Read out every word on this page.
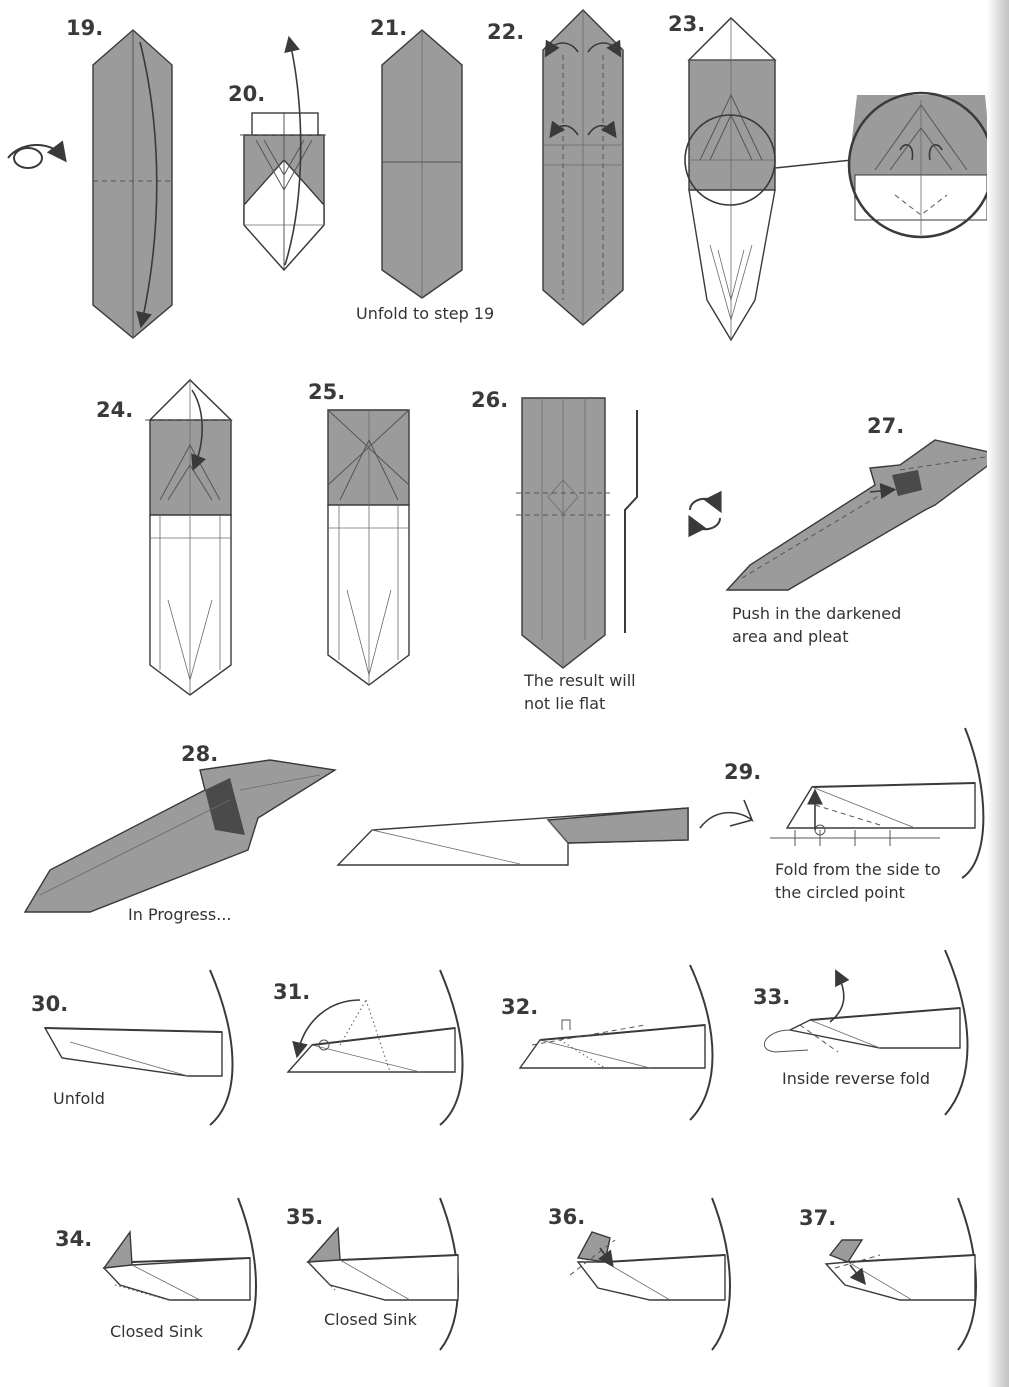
19.
20.
21.	22.	23.
24.
25.	26.
27.
28.
29.
30.	31.
32.	33.
34.
35.	36.	37.
Unfold to step 19
Push in the darkened
area and pleat
The result will
not lie flat
In Progress...
Fold from the side to
the circled point
Unfold
Inside reverse fold
Closed Sink
Closed Sink
